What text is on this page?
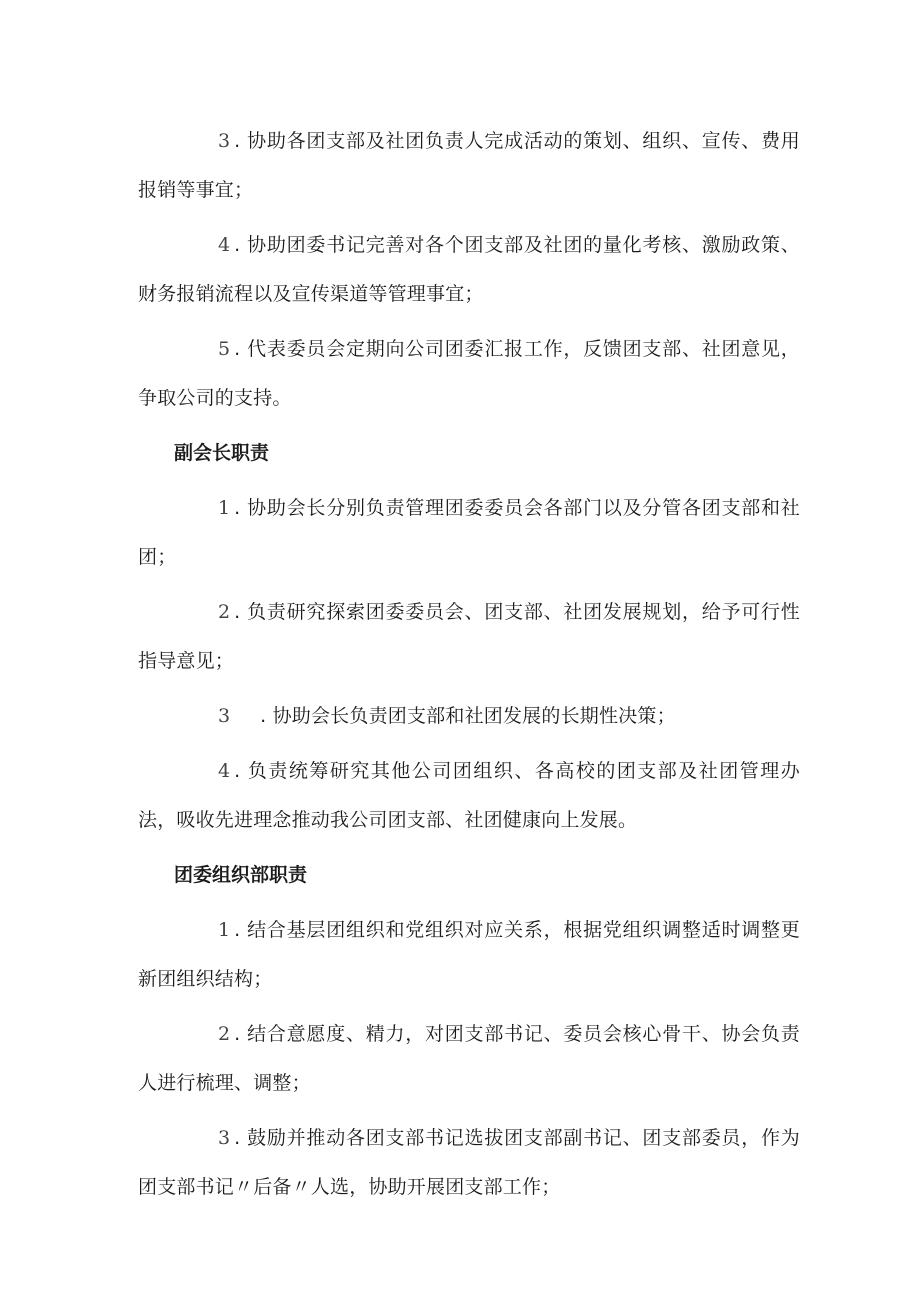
3. 协助各团支部及社团负责人完成活动的策划、组织、宣传、费用报销等事宜；

4. 协助团委书记完善对各个团支部及社团的量化考核、激励政策、财务报销流程以及宣传渠道等管理事宜；

5. 代表委员会定期向公司团委汇报工作，反馈团支部、社团意见，争取公司的支持。

副会长职责

1. 协助会长分别负责管理团委委员会各部门以及分管各团支部和社团；

2. 负责研究探索团委委员会、团支部、社团发展规划，给予可行性指导意见；

3. 协助会长负责团支部和社团发展的长期性决策；

4. 负责统筹研究其他公司团组织、各高校的团支部及社团管理办法，吸收先进理念推动我公司团支部、社团健康向上发展。

团委组织部职责

1. 结合基层团组织和党组织对应关系，根据党组织调整适时调整更新团组织结构；

2. 结合意愿度、精力，对团支部书记、委员会核心骨干、协会负责人进行梳理、调整；

3. 鼓励并推动各团支部书记选拔团支部副书记、团支部委员，作为团支部书记〃后备〃人选，协助开展团支部工作；
